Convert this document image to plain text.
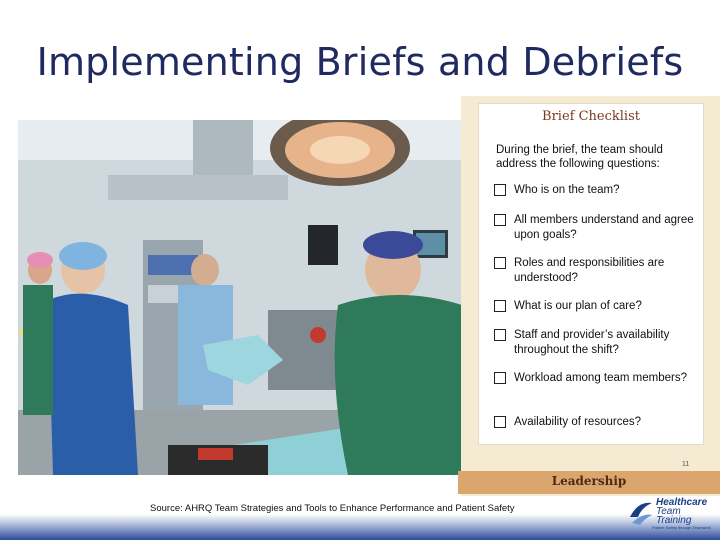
Implementing Briefs and Debriefs
Brief Checklist
During the brief, the team should address the following questions:
Who is on the team?
All members understand and agree upon goals?
Roles and responsibilities are understood?
What is our plan of care?
Staff and provider’s availability throughout the shift?
Workload among team members?
Availability of resources?
11
Leadership
Source: AHRQ Team Strategies and Tools to Enhance Performance and Patient Safety
Healthcare
Team
Training
Patient Safety through Teamwork
